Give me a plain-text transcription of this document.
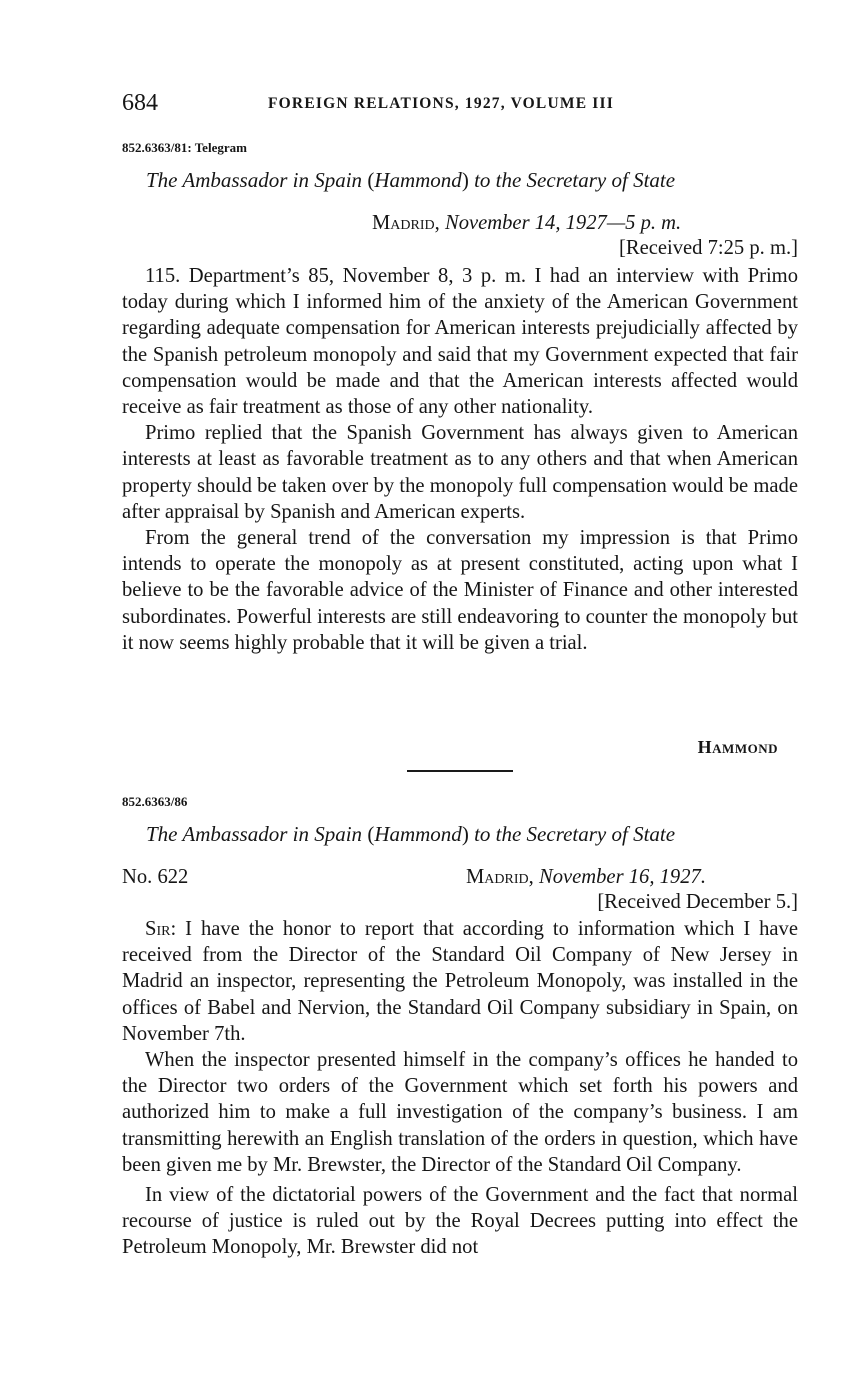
684	FOREIGN RELATIONS, 1927, VOLUME III
852.6363/81: Telegram
The Ambassador in Spain (Hammond) to the Secretary of State
Madrid, November 14, 1927—5 p. m.
[Received 7:25 p. m.]

115. Department’s 85, November 8, 3 p. m. I had an interview with Primo today during which I informed him of the anxiety of the American Government regarding adequate compensation for American interests prejudicially affected by the Spanish petroleum monopoly and said that my Government expected that fair compensation would be made and that the American interests affected would receive as fair treatment as those of any other nationality.

Primo replied that the Spanish Government has always given to American interests at least as favorable treatment as to any others and that when American property should be taken over by the monopoly full compensation would be made after appraisal by Spanish and American experts.

From the general trend of the conversation my impression is that Primo intends to operate the monopoly as at present constituted, acting upon what I believe to be the favorable advice of the Minister of Finance and other interested subordinates. Powerful interests are still endeavoring to counter the monopoly but it now seems highly probable that it will be given a trial.

Hammond
852.6363/86
The Ambassador in Spain (Hammond) to the Secretary of State
No. 622	Madrid, November 16, 1927.
[Received December 5.]

Sir: I have the honor to report that according to information which I have received from the Director of the Standard Oil Company of New Jersey in Madrid an inspector, representing the Petroleum Monopoly, was installed in the offices of Babel and Nervion, the Standard Oil Company subsidiary in Spain, on November 7th.

When the inspector presented himself in the company’s offices he handed to the Director two orders of the Government which set forth his powers and authorized him to make a full investigation of the company’s business. I am transmitting herewith an English translation of the orders in question, which have been given me by Mr. Brewster, the Director of the Standard Oil Company.

In view of the dictatorial powers of the Government and the fact that normal recourse of justice is ruled out by the Royal Decrees putting into effect the Petroleum Monopoly, Mr. Brewster did not
